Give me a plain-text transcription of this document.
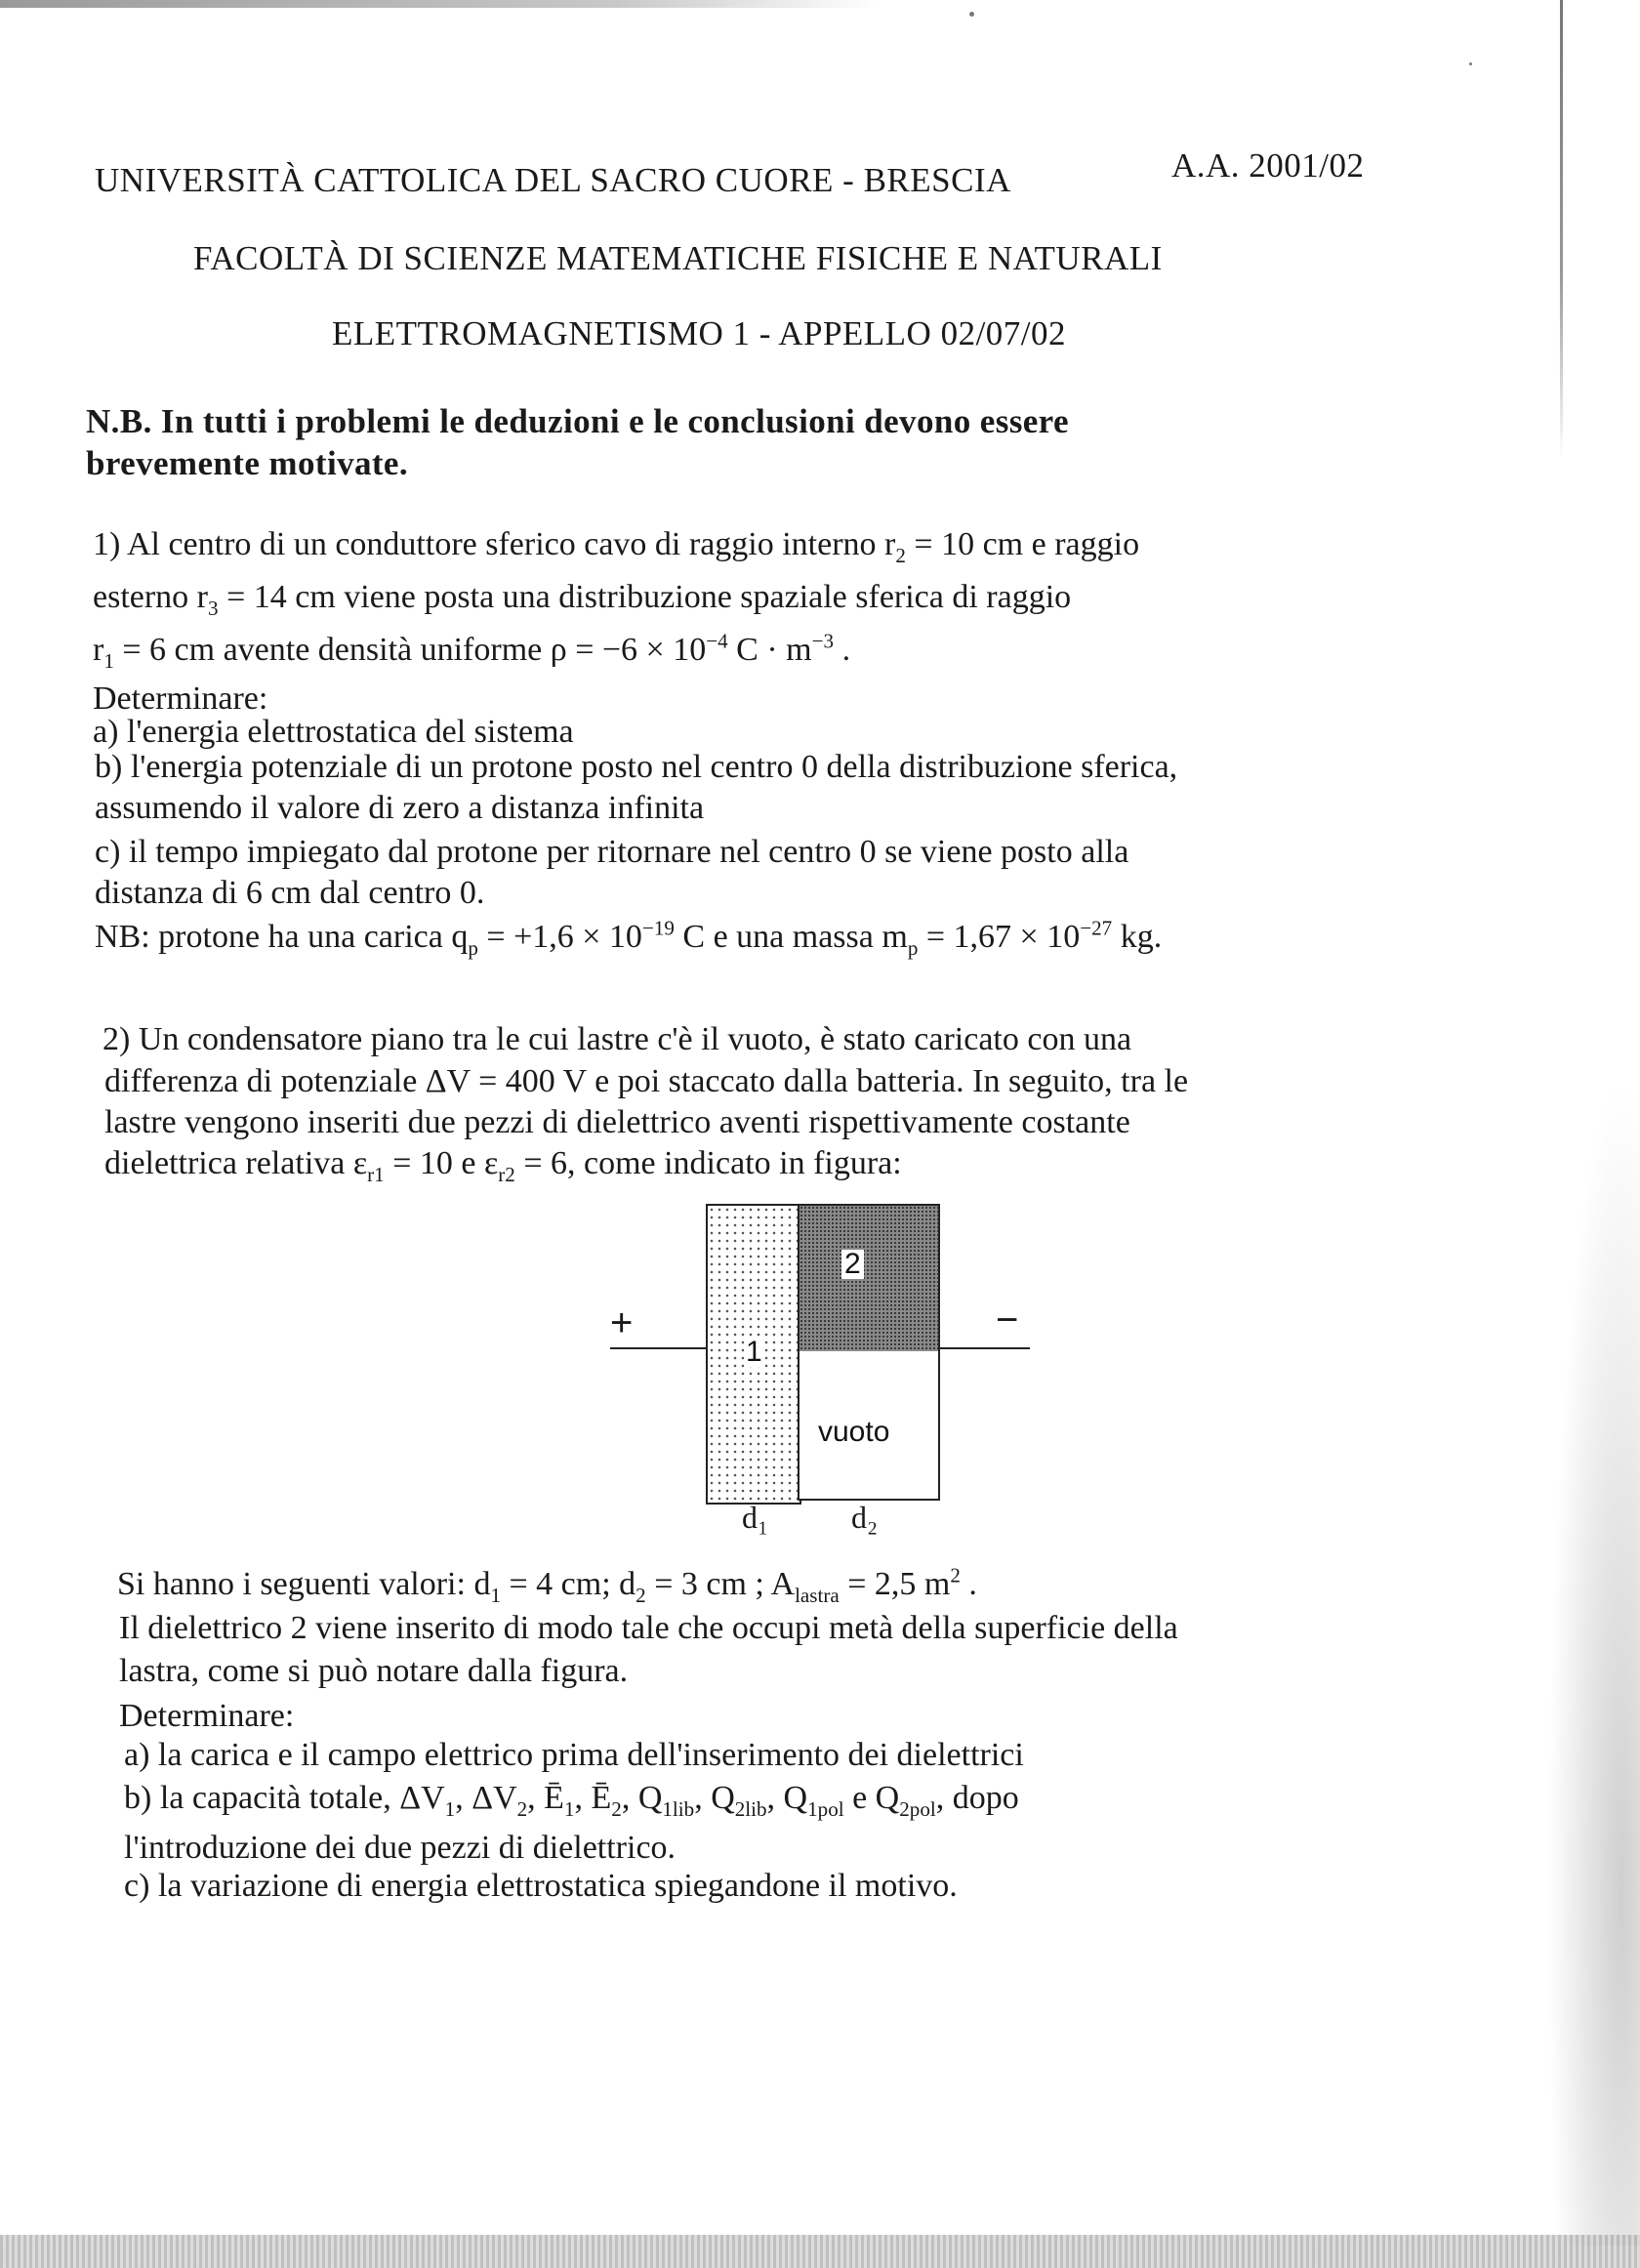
UNIVERSITÀ CATTOLICA DEL SACRO CUORE - BRESCIA	A.A. 2001/02
FACOLTÀ DI SCIENZE MATEMATICHE FISICHE E NATURALI
ELETTROMAGNETISMO 1 - APPELLO 02/07/02
N.B. In tutti i problemi le deduzioni e le conclusioni devono essere
brevemente motivate.
1) Al centro di un conduttore sferico cavo di raggio interno $r_2 = 10$ cm e raggio
esterno $r_3 = 14$ cm viene posta una distribuzione spaziale sferica di raggio
$r_1 = 6$ cm avente densità uniforme $\rho = -6 \times 10^{-4}$ $C \cdot m^{-3}$ .
Determinare:
a) l'energia elettrostatica del sistema
b) l'energia potenziale di un protone posto nel centro 0 della distribuzione sferica,
assumendo il valore di zero a distanza infinita
c) il tempo impiegato dal protone per ritornare nel centro 0 se viene posto alla
distanza di 6 cm dal centro 0.
NB: protone ha una carica $q_p = +1,6 \times 10^{-19}$ C e una massa $m_p = 1,67 \times 10^{-27}$ kg.
2) Un condensatore piano tra le cui lastre c'è il vuoto, è stato caricato con una
differenza di potenziale ΔV = 400 V e poi staccato dalla batteria. In seguito, tra le
lastre vengono inseriti due pezzi di dielettrico aventi rispettivamente costante
dielettrica relativa $\varepsilon_{r1} = 10$ e $\varepsilon_{r2} = 6$, come indicato in figura:
+	−
1
2
vuoto
d₁	d₂
Si hanno i seguenti valori: $d_1 = 4$ cm; $d_2 = 3$ cm ; $A_{lastra} = 2,5$ $m^2$ .
Il dielettrico 2 viene inserito di modo tale che occupi metà della superficie della
lastra, come si può notare dalla figura.
Determinare:
a) la carica e il campo elettrico prima dell'inserimento dei dielettrici
b) la capacità totale, $\Delta V_1$, $\Delta V_2$, $Ē_1$, $Ē_2$, $Q_{1lib}$, $Q_{2lib}$, $Q_{1pol}$ e $Q_{2pol}$, dopo
l'introduzione dei due pezzi di dielettrico.
c) la variazione di energia elettrostatica spiegandone il motivo.
